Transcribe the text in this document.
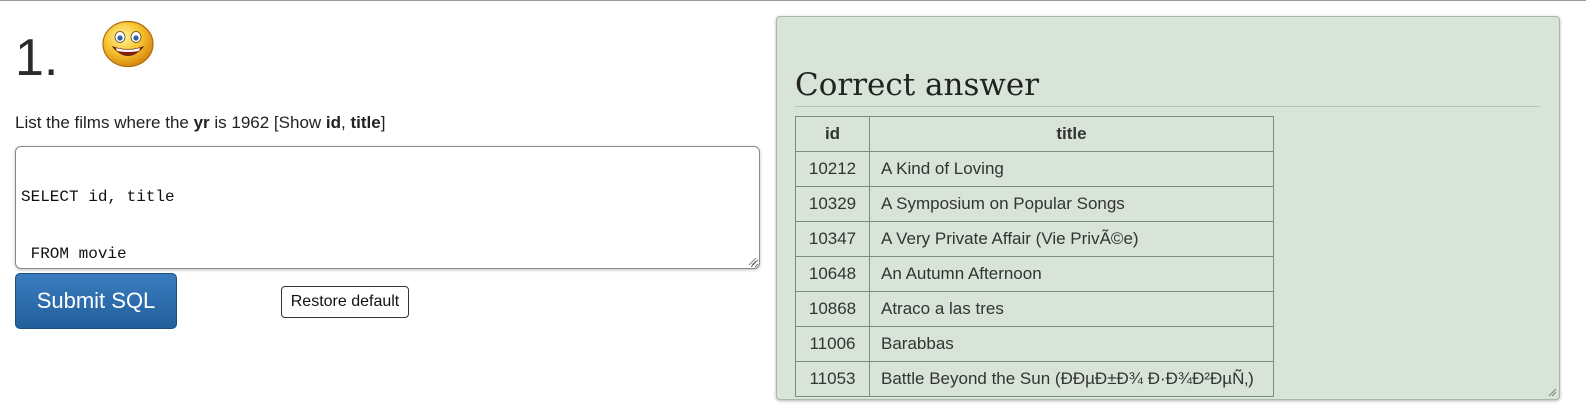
1.
List the films where the yr is 1962 [Show id, title]

SELECT id, title

FROM movie

Submit SQL	Restore default
Correct answer
id	title
10212	A Kind of Loving
10329	A Symposium on Popular Songs
10347	A Very Private Affair (Vie PrivÃ©e)
10648	An Autumn Afternoon
10868	Atraco a las tres
11006	Barabbas
11053	Battle Beyond the Sun (ÐÐµÐ±Ð¾ Ð·Ð¾Ð²ÐµÑ‚)
